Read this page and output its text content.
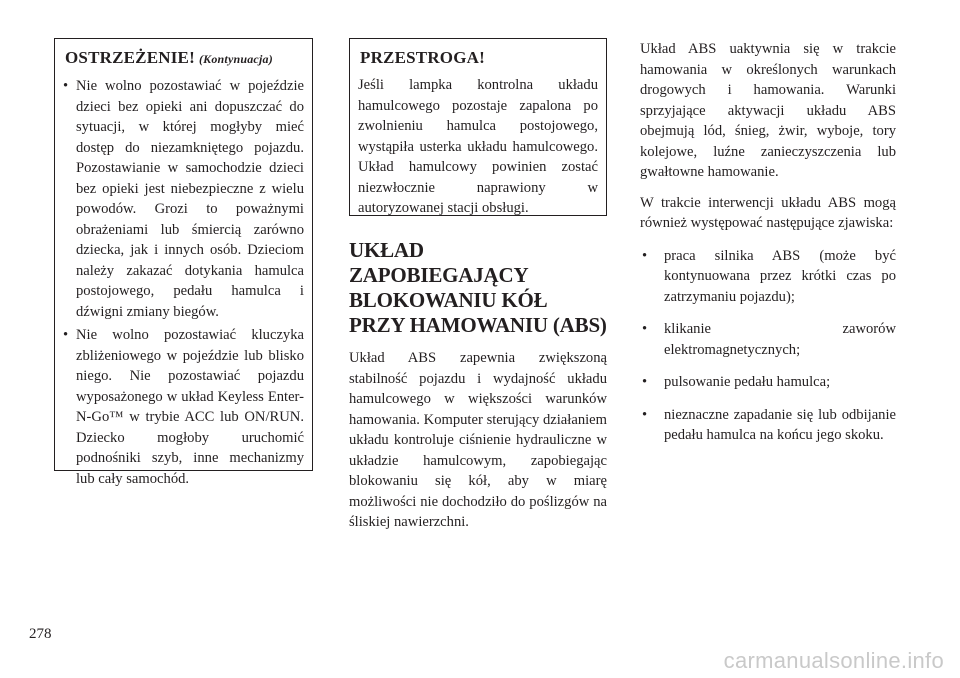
OSTRZEŻENIE! (Kontynuacja)
• Nie wolno pozostawiać w pojeździe dzieci bez opieki ani dopuszczać do sytuacji, w której mogłyby mieć dostęp do niezamkniętego pojazdu. Pozostawianie w samochodzie dzieci bez opieki jest niebezpieczne z wielu powodów. Grozi to poważnymi obrażeniami lub śmiercią zarówno dziecka, jak i innych osób. Dzieciom należy zakazać dotykania hamulca postojowego, pedału hamulca i dźwigni zmiany biegów.
• Nie wolno pozostawiać kluczyka zbliżeniowego w pojeździe lub blisko niego. Nie pozostawiać pojazdu wyposażonego w układ Keyless Enter-N-Go™ w trybie ACC lub ON/RUN. Dziecko mogłoby uruchomić podnośniki szyb, inne mechanizmy lub cały samochód.
PRZESTROGA!

Jeśli lampka kontrolna układu hamulcowego pozostaje zapalona po zwolnieniu hamulca postojowego, wystąpiła usterka układu hamulcowego. Układ hamulcowy powinien zostać niezwłocznie naprawiony w autoryzowanej stacji obsługi.

UKŁAD ZAPOBIEGAJĄCY BLOKOWANIU KÓŁ PRZY HAMOWANIU (ABS)

Układ ABS zapewnia zwiększoną stabilność pojazdu i wydajność układu hamulcowego w większości warunków hamowania. Komputer sterujący działaniem układu kontroluje ciśnienie hydrauliczne w układzie hamulcowym, zapobiegając blokowaniu się kół, aby w miarę możliwości nie dochodziło do poślizgów na śliskiej nawierzchni.

Układ ABS uaktywnia się w trakcie hamowania w określonych warunkach drogowych i hamowania. Warunki sprzyjające aktywacji układu ABS obejmują lód, śnieg, żwir, wyboje, tory kolejowe, luźne zanieczyszczenia lub gwałtowne hamowanie.

W trakcie interwencji układu ABS mogą również występować następujące zjawiska:

• praca silnika ABS (może być kontynuowana przez krótki czas po zatrzymaniu pojazdu);
• klikanie zaworów elektromagnetycznych;
• pulsowanie pedału hamulca;
• nieznaczne zapadanie się lub odbijanie pedału hamulca na końcu jego skoku.
278
carmanualsonline.info
